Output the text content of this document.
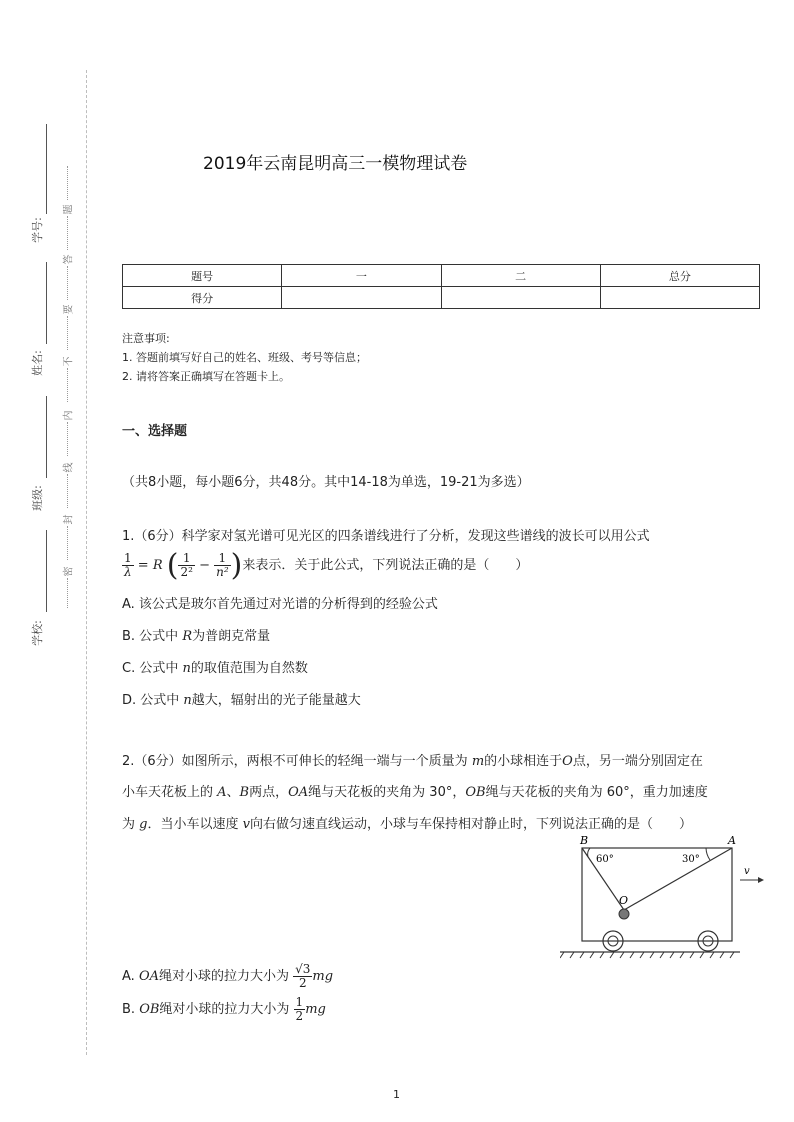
学号:
姓名:
班级:
学校:
题
答
要
不
内
线
封
密
2019年云南昆明高三一模物理试卷
题号	一	二	总分
得分			
注意事项:
1. 答题前填写好自己的姓名、班级、考号等信息；
2. 请将答案正确填写在答题卡上。
一、选择题
（共8小题，每小题6分，共48分。其中14-18为单选，19-21为多选）
1.（6分）科学家对氢光谱可见光区的四条谱线进行了分析，发现这些谱线的波长可以用公式
$\frac{1}{\lambda} = R$ ( $\frac{1}{\text{2²}} - \frac{1}{\text{n²}}$ )来表示．关于此公式，下列说法正确的是（　　）
A. 该公式是玻尔首先通过对光谱的分析得到的经验公式
B. 公式中 R为普朗克常量
C. 公式中 n的取值范围为自然数
D. 公式中 n越大，辐射出的光子能量越大
2.（6分）如图所示，两根不可伸长的轻绳一端与一个质量为 m的小球相连于O点，另一端分别固定在
小车天花板上的 A、B两点，OA绳与天花板的夹角为 30°，OB绳与天花板的夹角为 60°，重力加速度
为 g．当小车以速度 v向右做匀速直线运动，小球与车保持相对静止时，下列说法正确的是（　　）
B	A
60°	30°
O
v
A. OA绳对小球的拉力大小为 $\frac{√3}{2}$ mg
B. OB绳对小球的拉力大小为 $\frac{1}{2}$ mg
1
